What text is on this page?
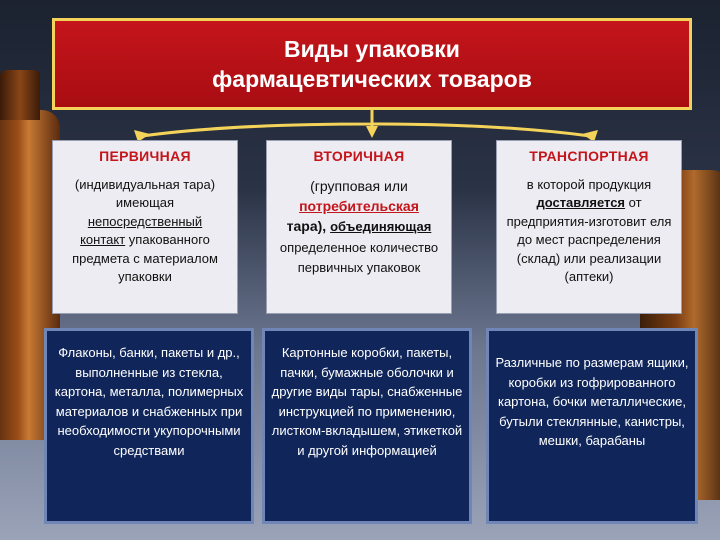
Виды упаковки
фармацевтических товаров
ПЕРВИЧНАЯ
(индивидуальная тара)
имеющая
непосредственный
контакт упакованного предмета с материалом упаковки
ВТОРИЧНАЯ
(групповая или
потребительская
тара), объединяющая
определенное количество первичных упаковок
ТРАНСПОРТНАЯ
в которой продукция
доставляется от предприятия-изготовит еля до мест распределения (склад) или реализации (аптеки)
Флаконы, банки, пакеты и др., выполненные из стекла, картона, металла, полимерных материалов и снабженных при необходимости укупорочными средствами
Картонные коробки, пакеты, пачки, бумажные оболочки и другие виды тары, снабженные инструкцией по применению, листком-вкладышем, этикеткой и другой информацией
Различные по размерам ящики, коробки из гофрированного картона, бочки металлические, бутыли стеклянные, канистры, мешки, барабаны
